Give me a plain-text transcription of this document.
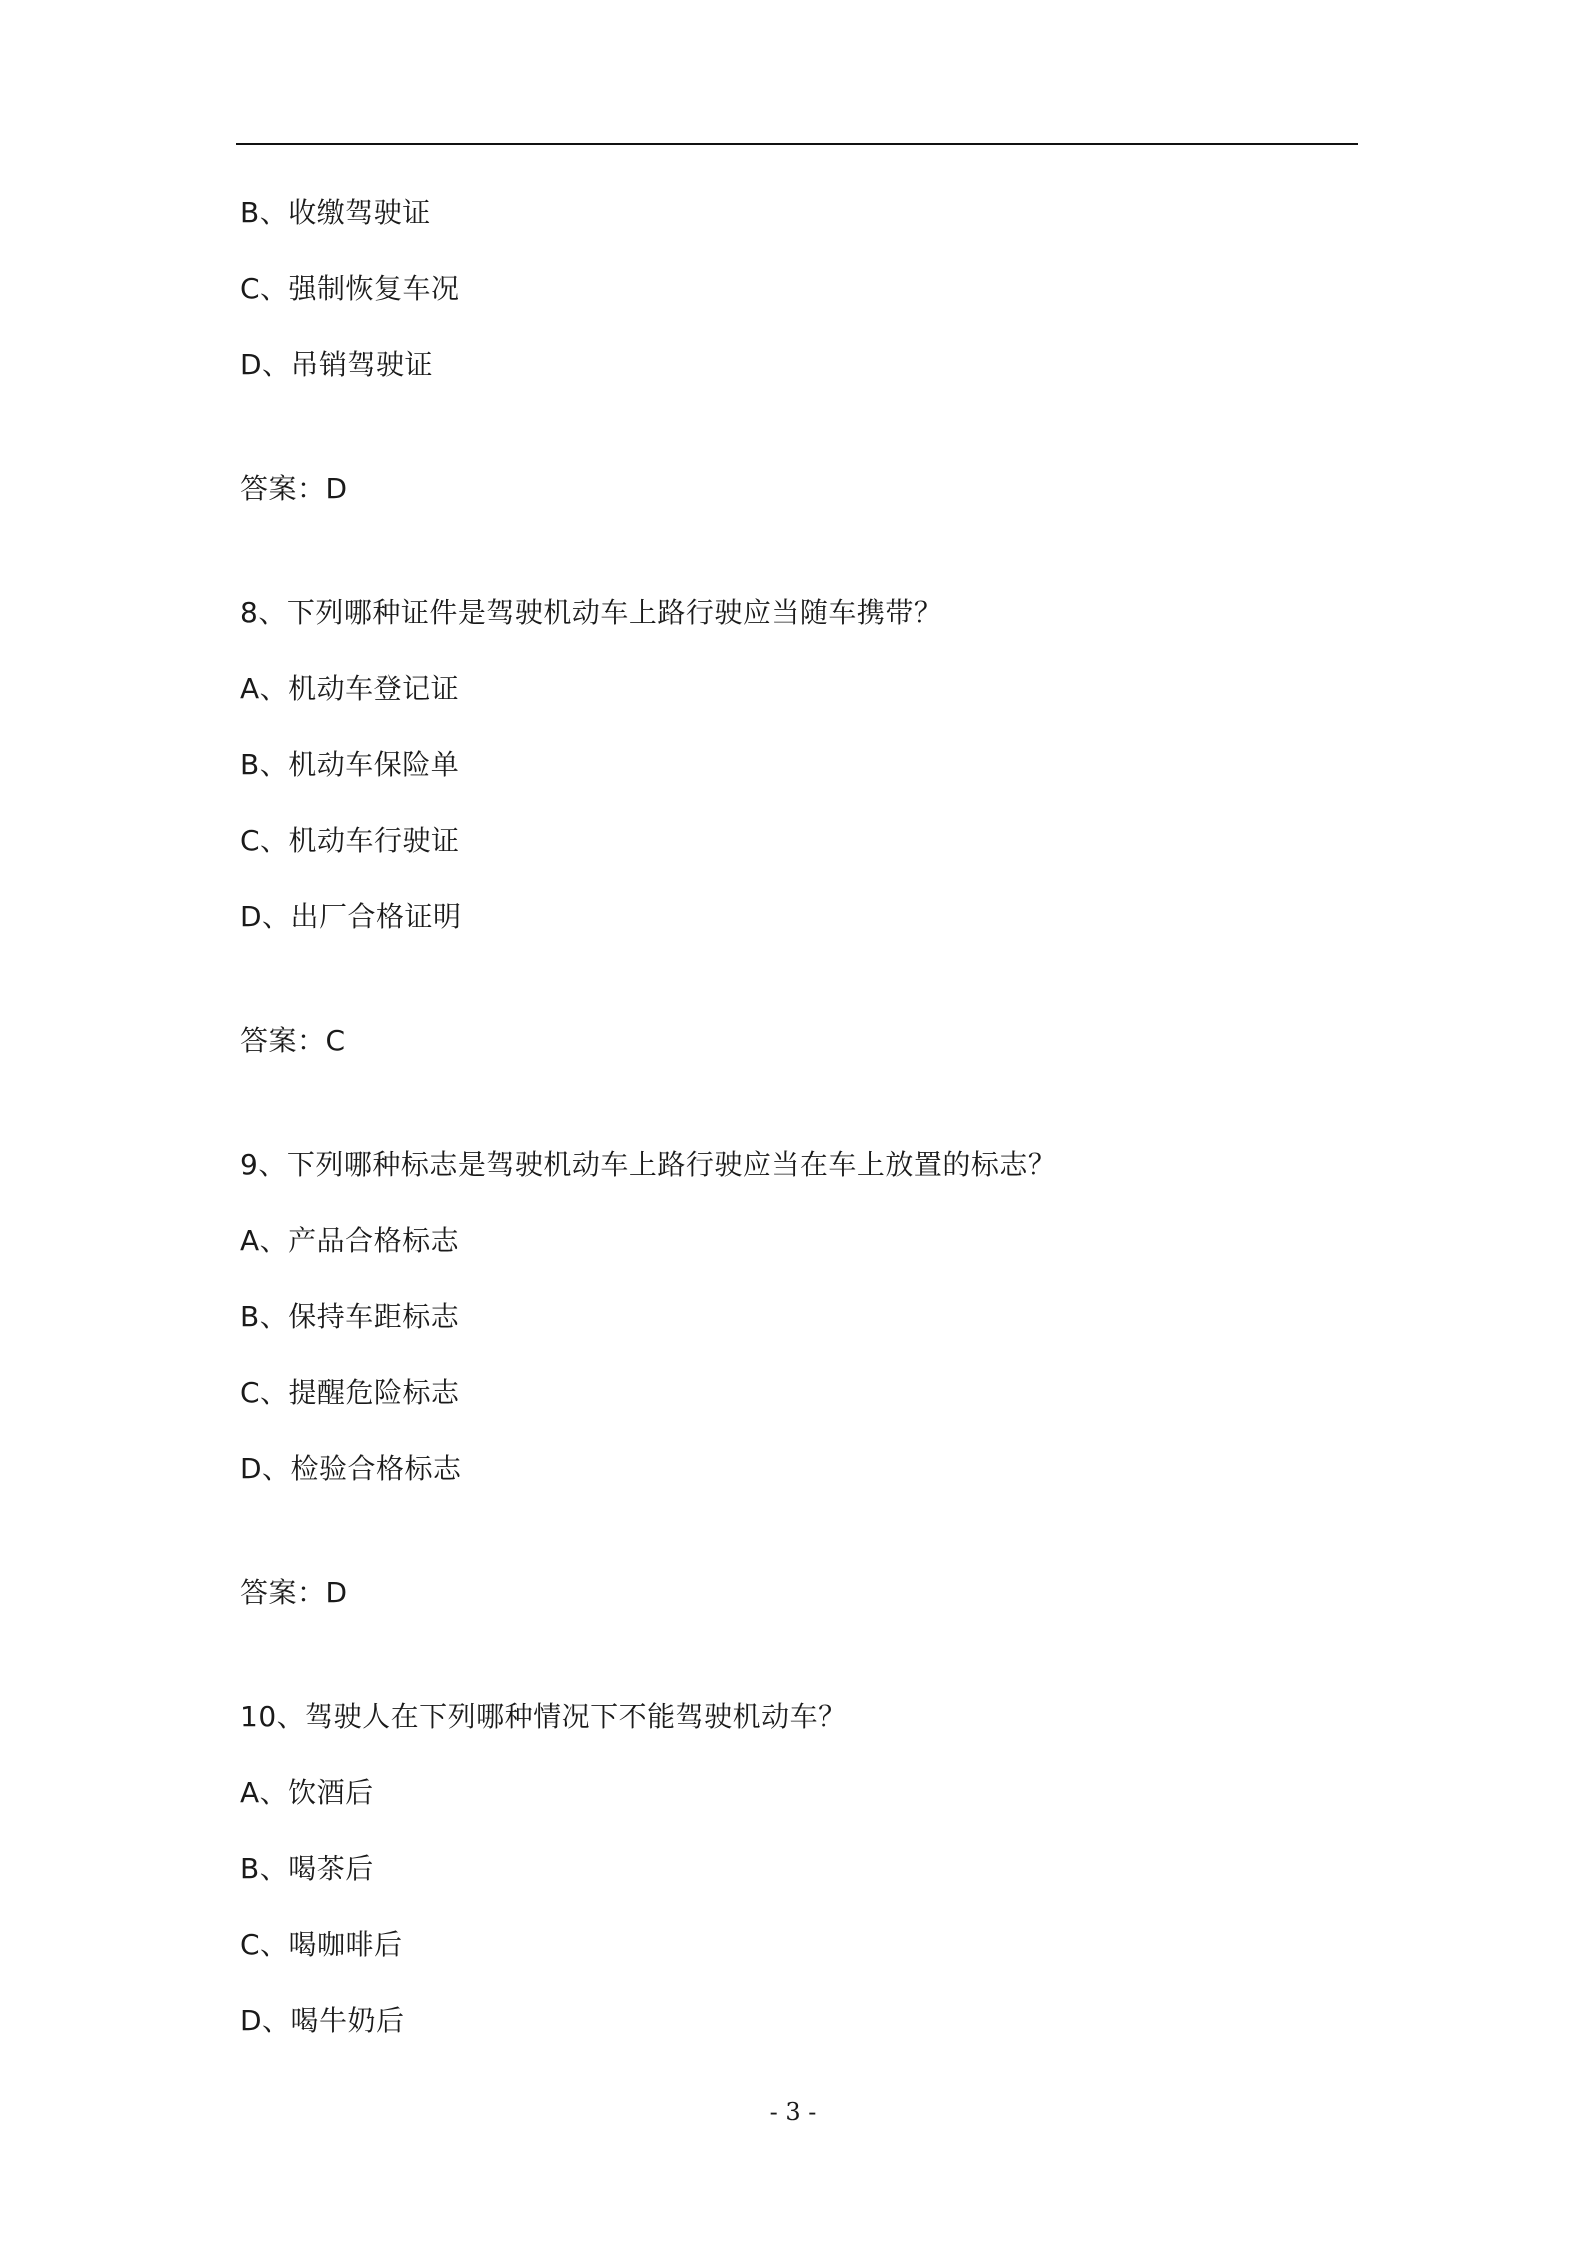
B、收缴驾驶证
C、强制恢复车况
D、吊销驾驶证
答案：D
8、下列哪种证件是驾驶机动车上路行驶应当随车携带？
A、机动车登记证
B、机动车保险单
C、机动车行驶证
D、出厂合格证明
答案：C
9、下列哪种标志是驾驶机动车上路行驶应当在车上放置的标志？
A、产品合格标志
B、保持车距标志
C、提醒危险标志
D、检验合格标志
答案：D
10、驾驶人在下列哪种情况下不能驾驶机动车？
A、饮酒后
B、喝茶后
C、喝咖啡后
D、喝牛奶后
- 3 -
